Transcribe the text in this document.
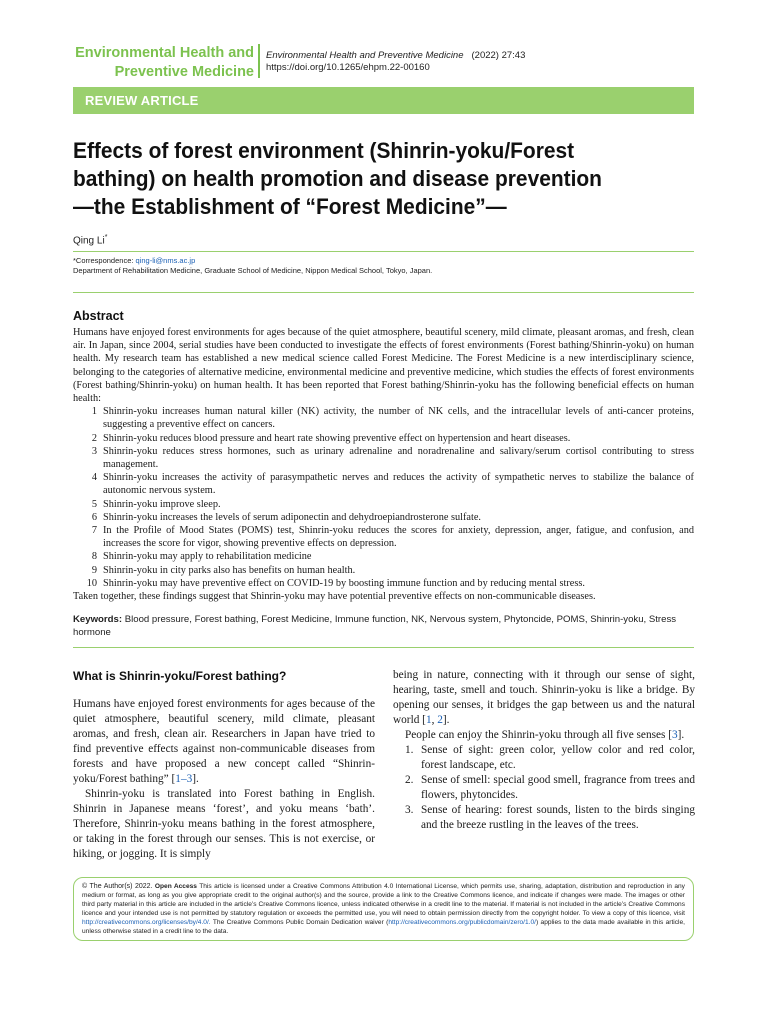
Environmental Health and
Preventive Medicine
Environmental Health and Preventive Medicine (2022) 27:43
https://doi.org/10.1265/ehpm.22-00160
REVIEW ARTICLE
Effects of forest environment (Shinrin-yoku/Forest
bathing) on health promotion and disease prevention
—the Establishment of “Forest Medicine”—
Qing Li*
*Correspondence: qing-li@nms.ac.jp
Department of Rehabilitation Medicine, Graduate School of Medicine, Nippon Medical School, Tokyo, Japan.
Abstract

Humans have enjoyed forest environments for ages because of the quiet atmosphere, beautiful scenery, mild climate, pleasant aromas, and fresh, clean air. In Japan, since 2004, serial studies have been conducted to investigate the effects of forest environments (Forest bathing/Shinrin-yoku) on human health. My research team has established a new medical science called Forest Medicine. The Forest Medicine is a new interdisciplinary science, belonging to the categories of alternative medicine, environmental medicine and preventive medicine, which studies the effects of forest environments (Forest bathing/Shinrin-yoku) on human health. It has been reported that Forest bathing/Shinrin-yoku has the following beneficial effects on human health:

1 Shinrin-yoku increases human natural killer (NK) activity, the number of NK cells, and the intracellular levels of anti-cancer proteins, suggesting a preventive effect on cancers.
2 Shinrin-yoku reduces blood pressure and heart rate showing preventive effect on hypertension and heart diseases.
3 Shinrin-yoku reduces stress hormones, such as urinary adrenaline and noradrenaline and salivary/serum cortisol contributing to stress management.
4 Shinrin-yoku increases the activity of parasympathetic nerves and reduces the activity of sympathetic nerves to stabilize the balance of autonomic nervous system.
5 Shinrin-yoku improve sleep.
6 Shinrin-yoku increases the levels of serum adiponectin and dehydroepiandrosterone sulfate.
7 In the Profile of Mood States (POMS) test, Shinrin-yoku reduces the scores for anxiety, depression, anger, fatigue, and confusion, and increases the score for vigor, showing preventive effects on depression.
8 Shinrin-yoku may apply to rehabilitation medicine
9 Shinrin-yoku in city parks also has benefits on human health.
10 Shinrin-yoku may have preventive effect on COVID-19 by boosting immune function and by reducing mental stress.

Taken together, these findings suggest that Shinrin-yoku may have potential preventive effects on non-communicable diseases.

Keywords: Blood pressure, Forest bathing, Forest Medicine, Immune function, NK, Nervous system, Phytoncide, POMS, Shinrin-yoku, Stress hormone
What is Shinrin-yoku/Forest bathing?

Humans have enjoyed forest environments for ages because of the quiet atmosphere, beautiful scenery, mild climate, pleasant aromas, and fresh, clean air. Researchers in Japan have tried to find preventive effects against non-communicable diseases from forests and have proposed a new concept called “Shinrin-yoku/Forest bathing” [1–3].

Shinrin-yoku is translated into Forest bathing in English. Shinrin in Japanese means ‘forest’, and yoku means ‘bath’. Therefore, Shinrin-yoku means bathing in the forest atmosphere, or taking in the forest through our senses. This is not exercise, or hiking, or jogging. It is simply

being in nature, connecting with it through our sense of sight, hearing, taste, smell and touch. Shinrin-yoku is like a bridge. By opening our senses, it bridges the gap between us and the natural world [1, 2].

People can enjoy the Shinrin-yoku through all five senses [3].

1. Sense of sight: green color, yellow color and red color, forest landscape, etc.
2. Sense of smell: special good smell, fragrance from trees and flowers, phytoncides.
3. Sense of hearing: forest sounds, listen to the birds singing and the breeze rustling in the leaves of the trees.
© The Author(s) 2022. Open Access This article is licensed under a Creative Commons Attribution 4.0 International License, which permits use, sharing, adaptation, distribution and reproduction in any medium or format, as long as you give appropriate credit to the original author(s) and the source, provide a link to the Creative Commons licence, and indicate if changes were made. The images or other third party material in this article are included in the article’s Creative Commons licence, unless indicated otherwise in a credit line to the material. If material is not included in the article’s Creative Commons licence and your intended use is not permitted by statutory regulation or exceeds the permitted use, you will need to obtain permission directly from the copyright holder. To view a copy of this licence, visit http://creativecommons.org/licenses/by/4.0/. The Creative Commons Public Domain Dedication waiver (http://creativecommons.org/publicdomain/zero/1.0/) applies to the data made available in this article, unless otherwise stated in a credit line to the data.
